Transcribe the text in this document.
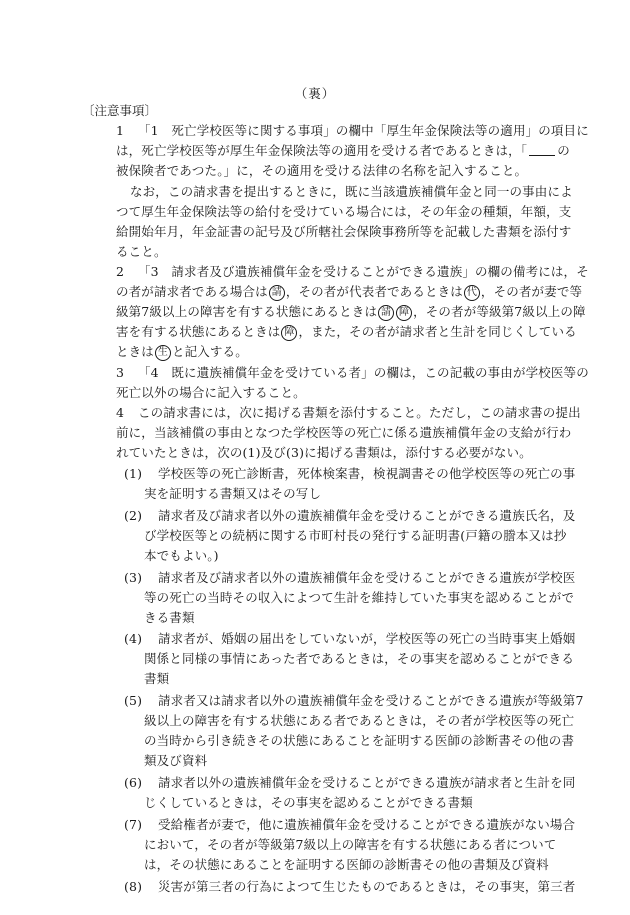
（裏）
〔注意事項〕
1 「1　死亡学校医等に関する事項」の欄中「厚生年金保険法等の適用」の項目に
は，死亡学校医等が厚生年金保険法等の適用を受ける者であるときは，「 の
被保険者であつた。」に，その適用を受ける法律の名称を記入すること。
なお，この請求書を提出するときに，既に当該遺族補償年金と同一の事由によ
つて厚生年金保険法等の給付を受けている場合には，その年金の種類，年額，支
給開始年月，年金証書の記号及び所轄社会保険事務所等を記載した書類を添付す
ること。
2 「3　請求者及び遺族補償年金を受けることができる遺族」の欄の備考には，そ
の者が請求者である場合は 請 ，その者が代表者であるときは 代 ，その者が妻で等
級第7級以上の障害を有する状態にあるときは 請 障 ，その者が等級第7級以上の障
害を有する状態にあるときは 障 ，また，その者が請求者と生計を同じくしている
ときは 生 と記入する。
3 「4　既に遺族補償年金を受けている者」の欄は，この記載の事由が学校医等の
死亡以外の場合に記入すること。
4 この請求書には，次に掲げる書類を添付すること。ただし，この請求書の提出
前に，当該補償の事由となつた学校医等の死亡に係る遺族補償年金の支給が行わ
れていたときは，次の(1)及び(3)に掲げる書類は，添付する必要がない。
(1) 学校医等の死亡診断書，死体検案書，検視調書その他学校医等の死亡の事
実を証明する書類又はその写し
(2) 請求者及び請求者以外の遺族補償年金を受けることができる遺族氏名，及
び学校医等との続柄に関する市町村長の発行する証明書(戸籍の謄本又は抄
本でもよい。)
(3) 請求者及び請求者以外の遺族補償年金を受けることができる遺族が学校医
等の死亡の当時その収入によつて生計を維持していた事実を認めることがで
きる書類
(4) 請求者が、婚姻の届出をしていないが，学校医等の死亡の当時事実上婚姻
関係と同様の事情にあった者であるときは，その事実を認めることができる
書類
(5) 請求者又は請求者以外の遺族補償年金を受けることができる遺族が等級第7
級以上の障害を有する状態にある者であるときは，その者が学校医等の死亡
の当時から引き続きその状態にあることを証明する医師の診断書その他の書
類及び資料
(6) 請求者以外の遺族補償年金を受けることができる遺族が請求者と生計を同
じくしているときは，その事実を認めることができる書類
(7) 受給権者が妻で，他に遺族補償年金を受けることができる遺族がない場合
において，その者が等級第7級以上の障害を有する状態にある者について
は，その状態にあることを証明する医師の診断書その他の書類及び資料
(8) 災害が第三者の行為によつて生じたものであるときは，その事実，第三者
